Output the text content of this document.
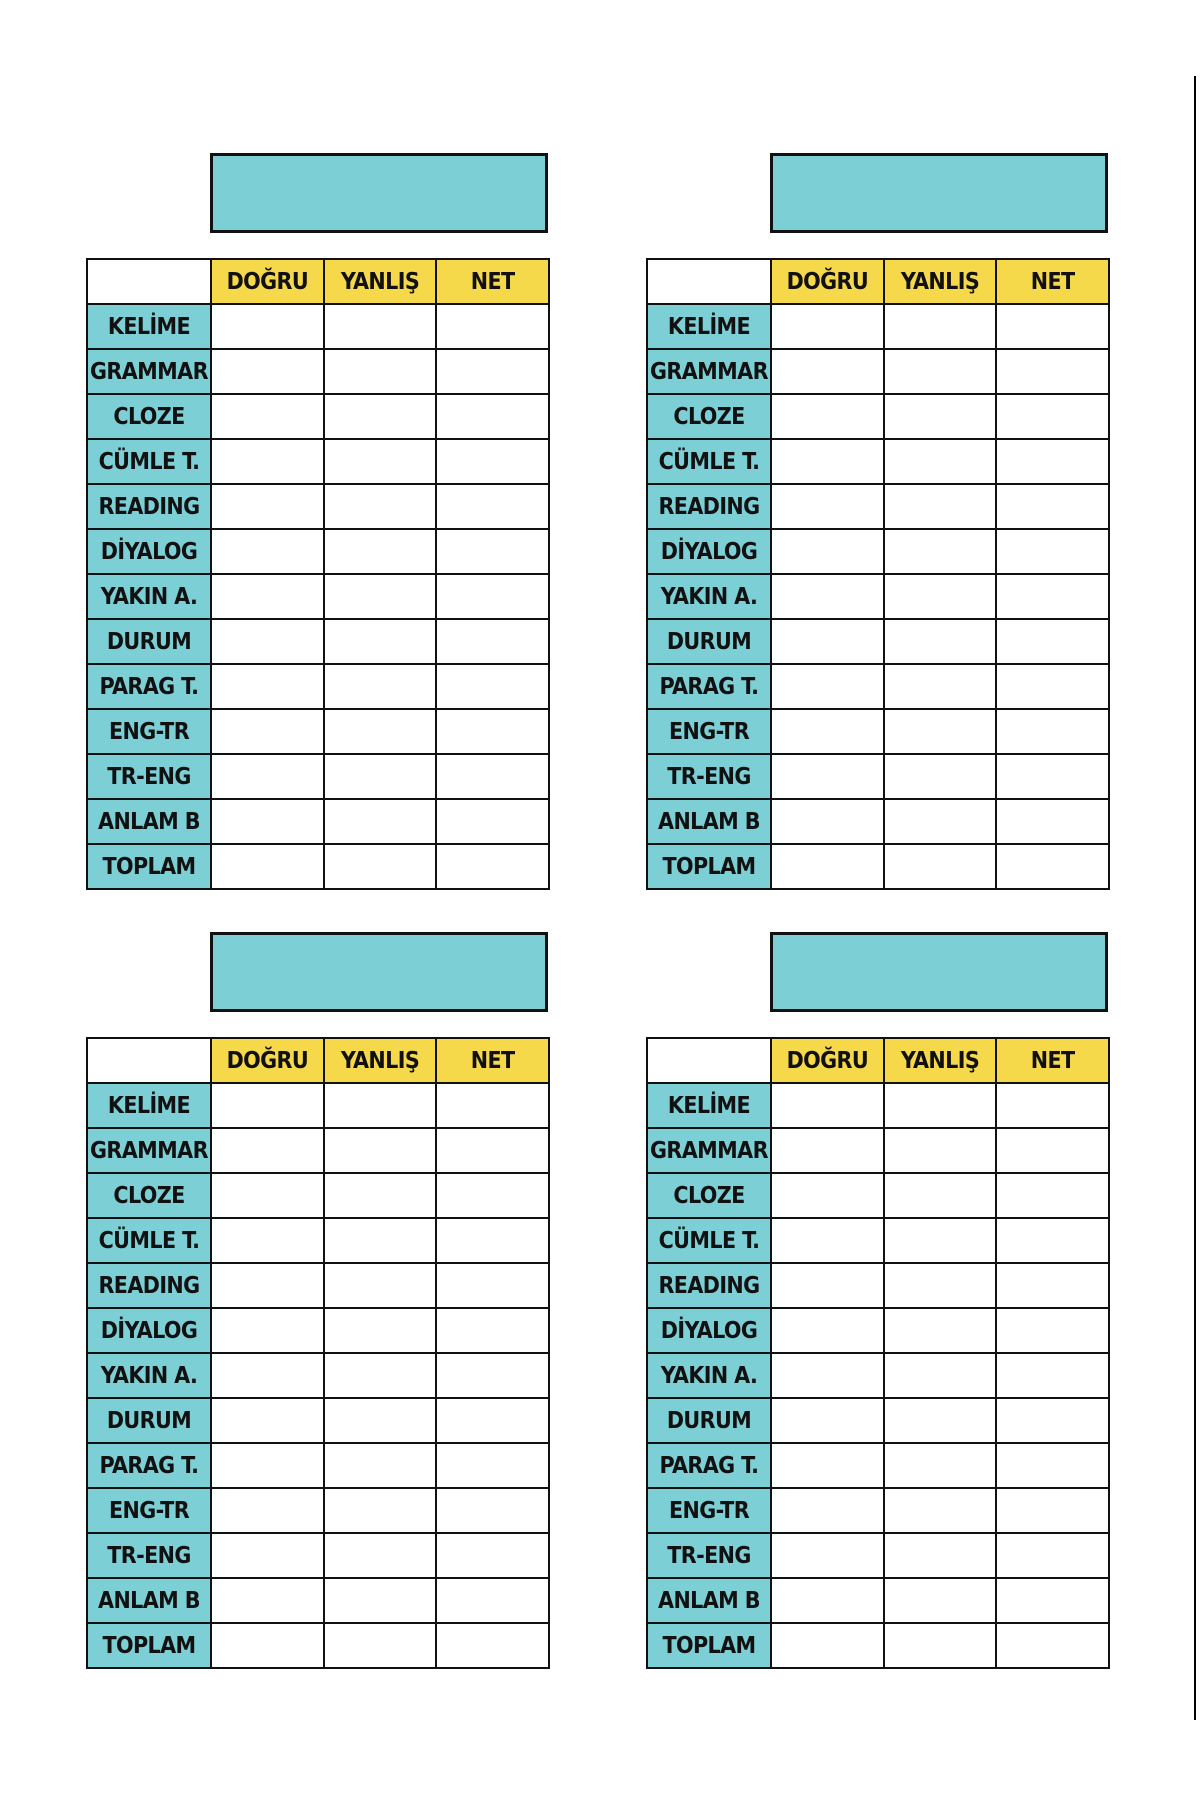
	DOĞRU	YANLIŞ	NET
KELİME			
GRAMMAR			
CLOZE			
CÜMLE T.			
READING			
DİYALOG			
YAKIN A.			
DURUM			
PARAG T.			
ENG-TR			
TR-ENG			
ANLAM B			
TOPLAM			
	DOĞRU	YANLIŞ	NET
KELİME			
GRAMMAR			
CLOZE			
CÜMLE T.			
READING			
DİYALOG			
YAKIN A.			
DURUM			
PARAG T.			
ENG-TR			
TR-ENG			
ANLAM B			
TOPLAM			
	DOĞRU	YANLIŞ	NET
KELİME			
GRAMMAR			
CLOZE			
CÜMLE T.			
READING			
DİYALOG			
YAKIN A.			
DURUM			
PARAG T.			
ENG-TR			
TR-ENG			
ANLAM B			
TOPLAM			
	DOĞRU	YANLIŞ	NET
KELİME			
GRAMMAR			
CLOZE			
CÜMLE T.			
READING			
DİYALOG			
YAKIN A.			
DURUM			
PARAG T.			
ENG-TR			
TR-ENG			
ANLAM B			
TOPLAM			
